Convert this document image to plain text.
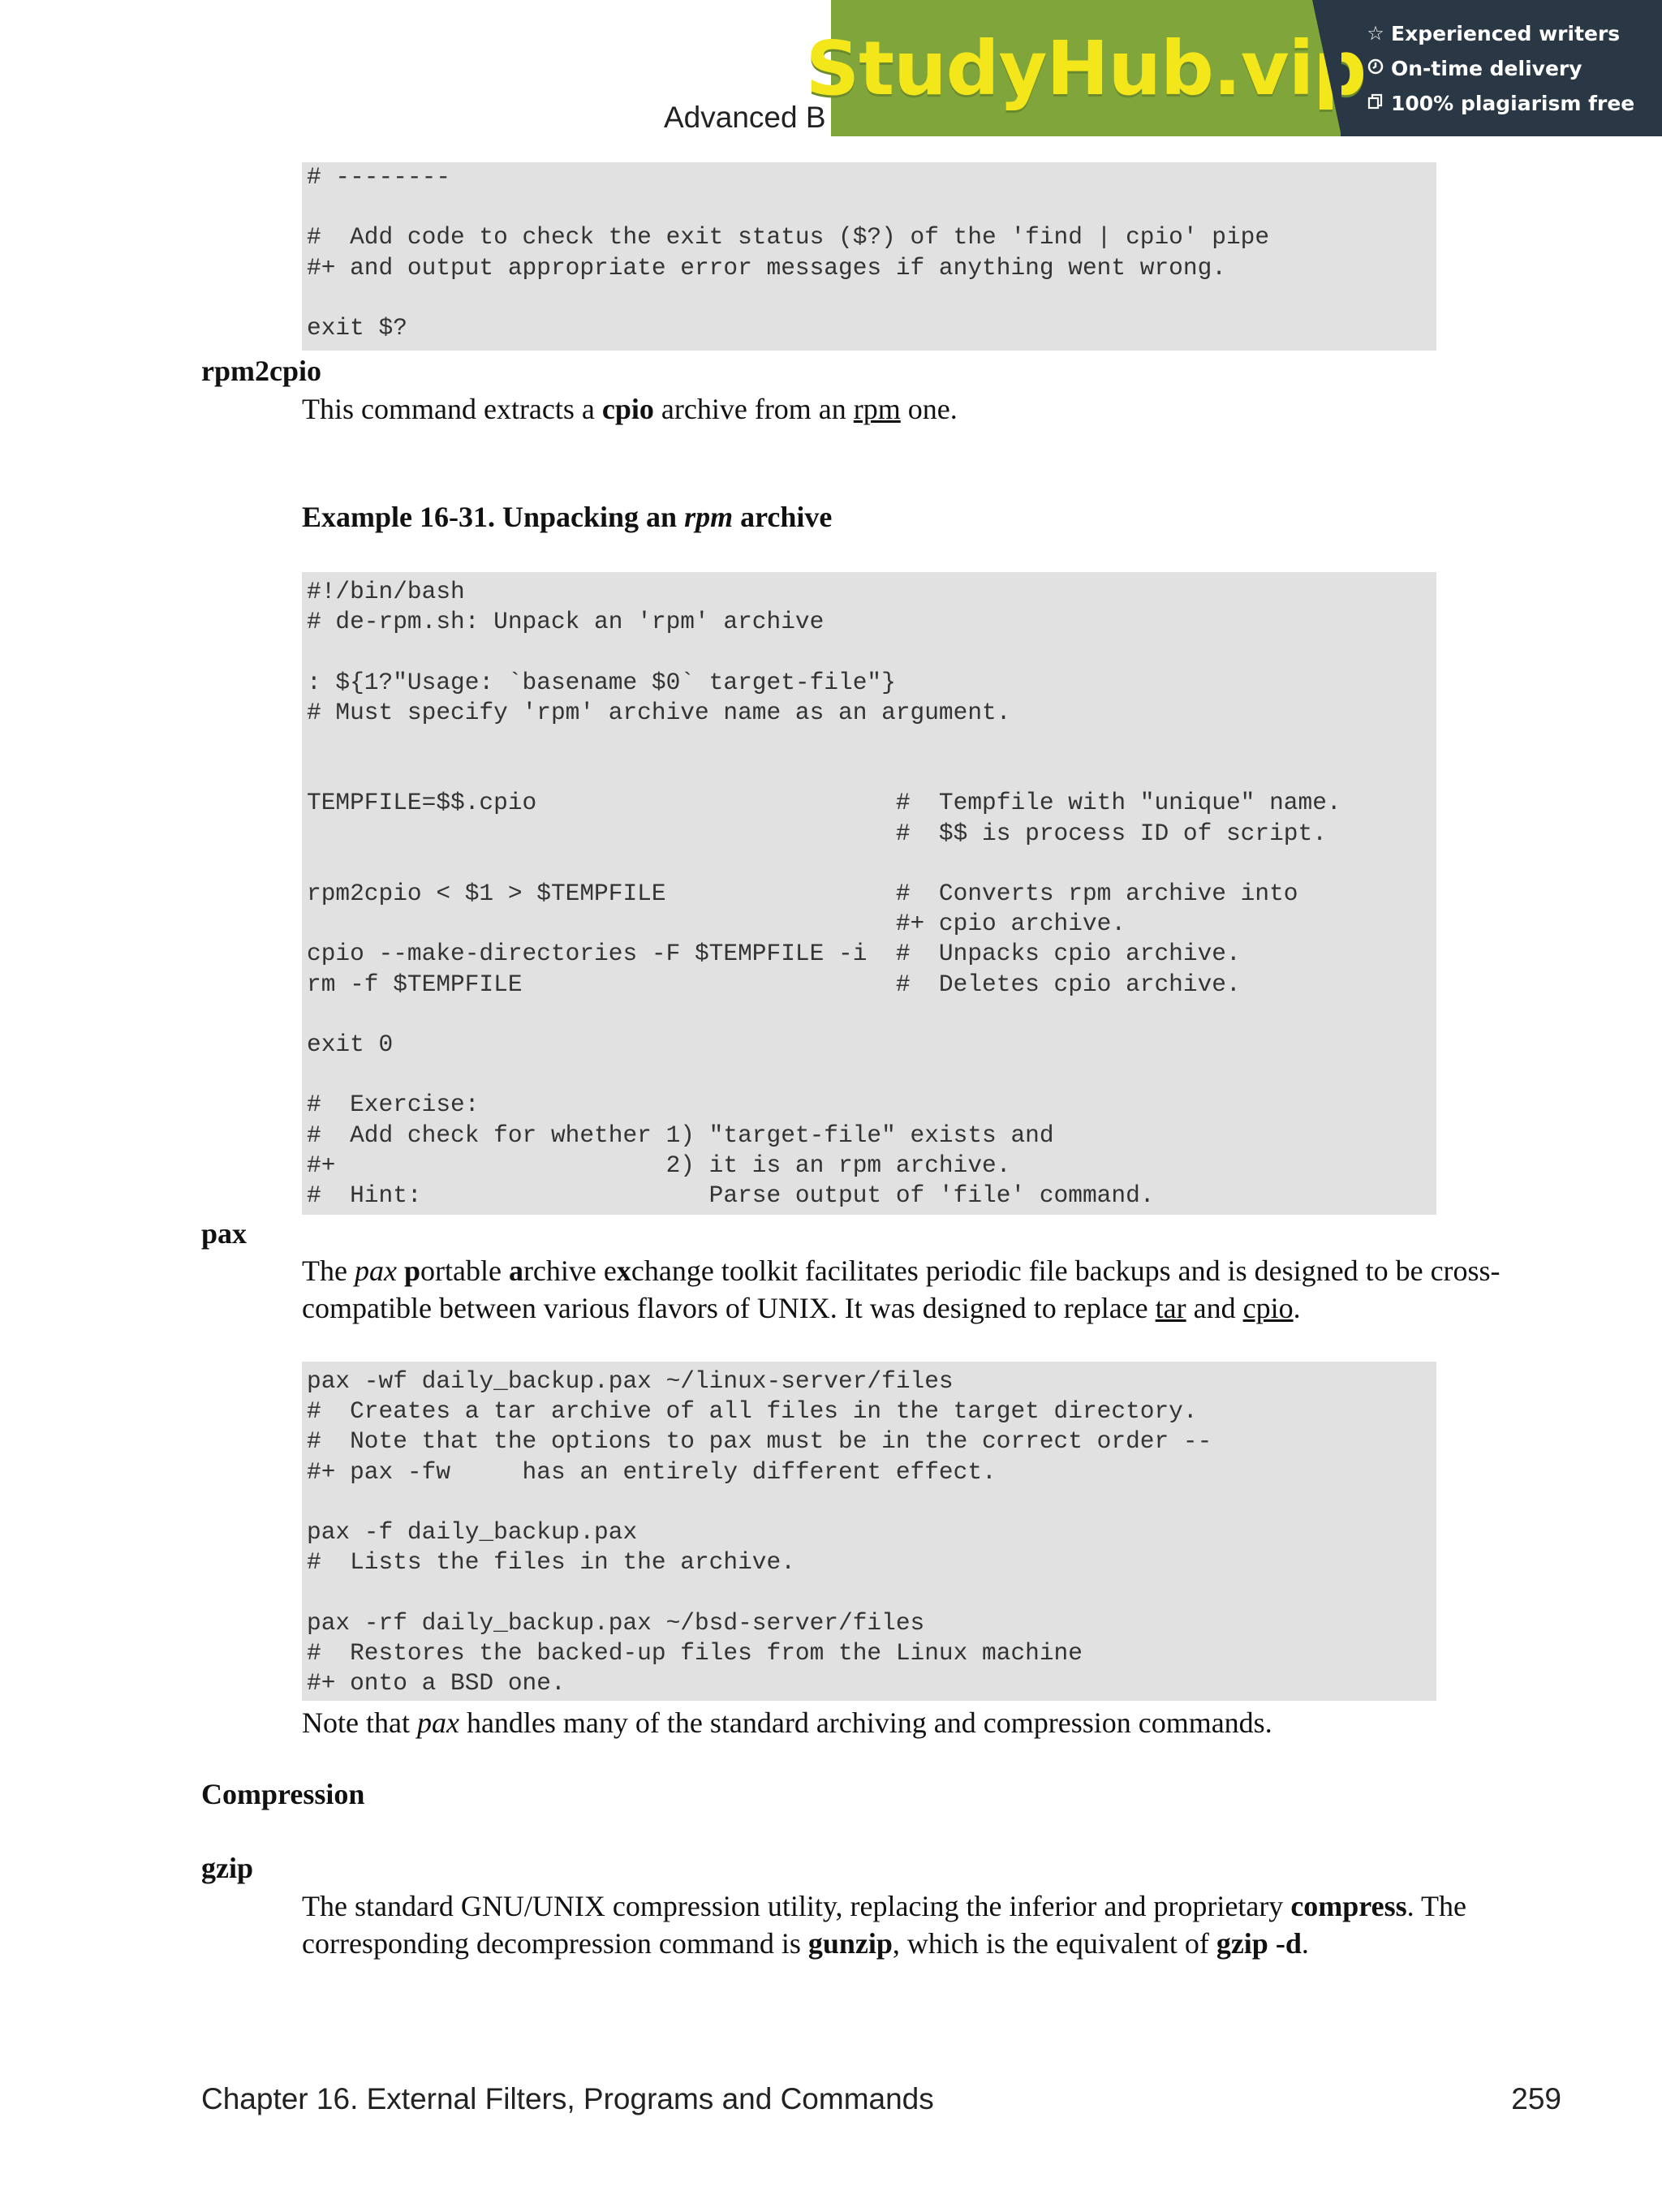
Advanced B
StudyHub.vip ☆ Experienced writers
On-time delivery
100% plagiarism free
# --------

#  Add code to check the exit status ($?) of the 'find | cpio' pipe
#+ and output appropriate error messages if anything went wrong.

exit $?
rpm2cpio
This command extracts a cpio archive from an rpm one.
Example 16-31. Unpacking an rpm archive
#!/bin/bash
# de-rpm.sh: Unpack an 'rpm' archive

: ${1?"Usage: `basename $0` target-file"}
# Must specify 'rpm' archive name as an argument.

TEMPFILE=$$.cpio                         #  Tempfile with "unique" name.
#  $$ is process ID of script.

rpm2cpio < $1 > $TEMPFILE                #  Converts rpm archive into
#+ cpio archive.
cpio --make-directories -F $TEMPFILE -i  #  Unpacks cpio archive.
rm -f $TEMPFILE                          #  Deletes cpio archive.

exit 0

#  Exercise:
#  Add check for whether 1) "target-file" exists and
#+                       2) it is an rpm archive.
#  Hint:                    Parse output of 'file' command.
pax
The pax portable archive exchange toolkit facilitates periodic file backups and is designed to be cross-compatible between various flavors of UNIX. It was designed to replace tar and cpio.
pax -wf daily_backup.pax ~/linux-server/files
#  Creates a tar archive of all files in the target directory.
#  Note that the options to pax must be in the correct order --
#+ pax -fw     has an entirely different effect.

pax -f daily_backup.pax
#  Lists the files in the archive.

pax -rf daily_backup.pax ~/bsd-server/files
#  Restores the backed-up files from the Linux machine
#+ onto a BSD one.
Note that pax handles many of the standard archiving and compression commands.
Compression
gzip
The standard GNU/UNIX compression utility, replacing the inferior and proprietary compress. The corresponding decompression command is gunzip, which is the equivalent of gzip -d.
Chapter 16. External Filters, Programs and Commands	259
